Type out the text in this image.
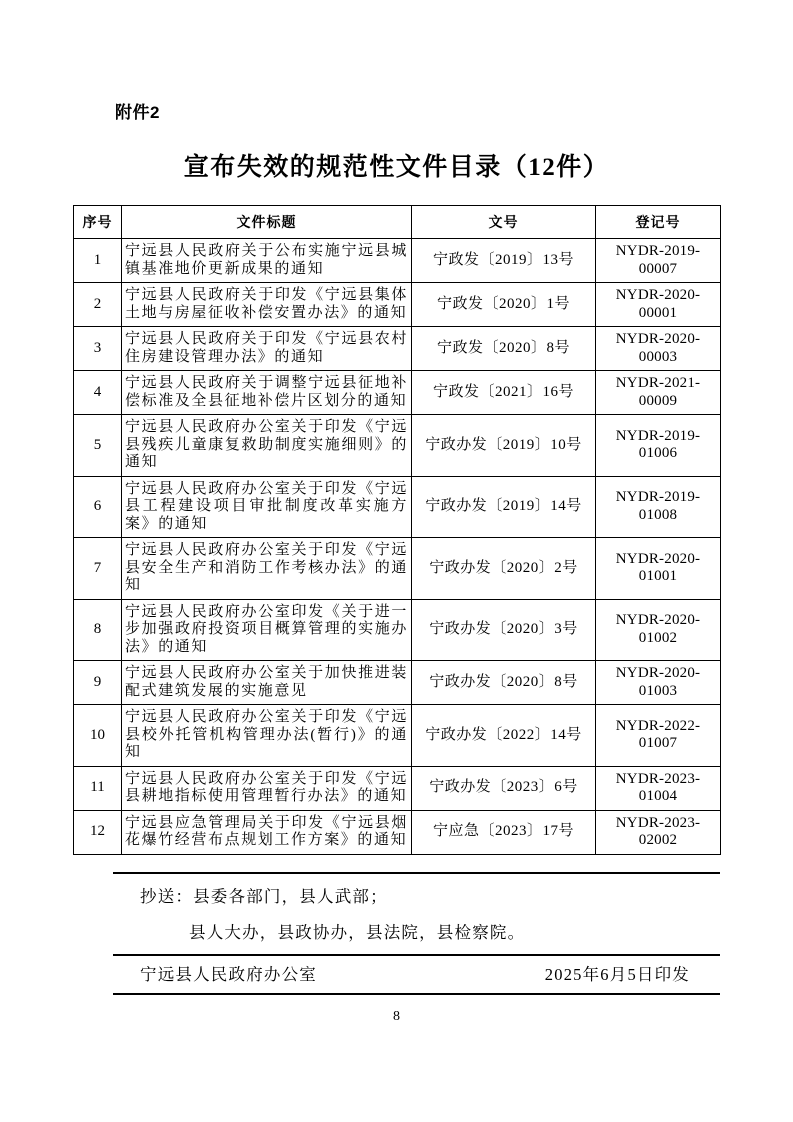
附件2
宣布失效的规范性文件目录（12件）
序号	文件标题	文号	登记号
1	宁远县人民政府关于公布实施宁远县城镇基准地价更新成果的通知	宁政发〔2019〕13号	NYDR-2019-00007
2	宁远县人民政府关于印发《宁远县集体土地与房屋征收补偿安置办法》的通知	宁政发〔2020〕1号	NYDR-2020-00001
3	宁远县人民政府关于印发《宁远县农村住房建设管理办法》的通知	宁政发〔2020〕8号	NYDR-2020-00003
4	宁远县人民政府关于调整宁远县征地补偿标准及全县征地补偿片区划分的通知	宁政发〔2021〕16号	NYDR-2021-00009
5	宁远县人民政府办公室关于印发《宁远县残疾儿童康复救助制度实施细则》的通知	宁政办发〔2019〕10号	NYDR-2019-01006
6	宁远县人民政府办公室关于印发《宁远县工程建设项目审批制度改革实施方案》的通知	宁政办发〔2019〕14号	NYDR-2019-01008
7	宁远县人民政府办公室关于印发《宁远县安全生产和消防工作考核办法》的通知	宁政办发〔2020〕2号	NYDR-2020-01001
8	宁远县人民政府办公室印发《关于进一步加强政府投资项目概算管理的实施办法》的通知	宁政办发〔2020〕3号	NYDR-2020-01002
9	宁远县人民政府办公室关于加快推进装配式建筑发展的实施意见	宁政办发〔2020〕8号	NYDR-2020-01003
10	宁远县人民政府办公室关于印发《宁远县校外托管机构管理办法(暂行)》的通知	宁政办发〔2022〕14号	NYDR-2022-01007
11	宁远县人民政府办公室关于印发《宁远县耕地指标使用管理暂行办法》的通知	宁政办发〔2023〕6号	NYDR-2023-01004
12	宁远县应急管理局关于印发《宁远县烟花爆竹经营布点规划工作方案》的通知	宁应急〔2023〕17号	NYDR-2023-02002
抄送：县委各部门，县人武部；
县人大办，县政协办，县法院，县检察院。
宁远县人民政府办公室	2025年6月5日印发
8
